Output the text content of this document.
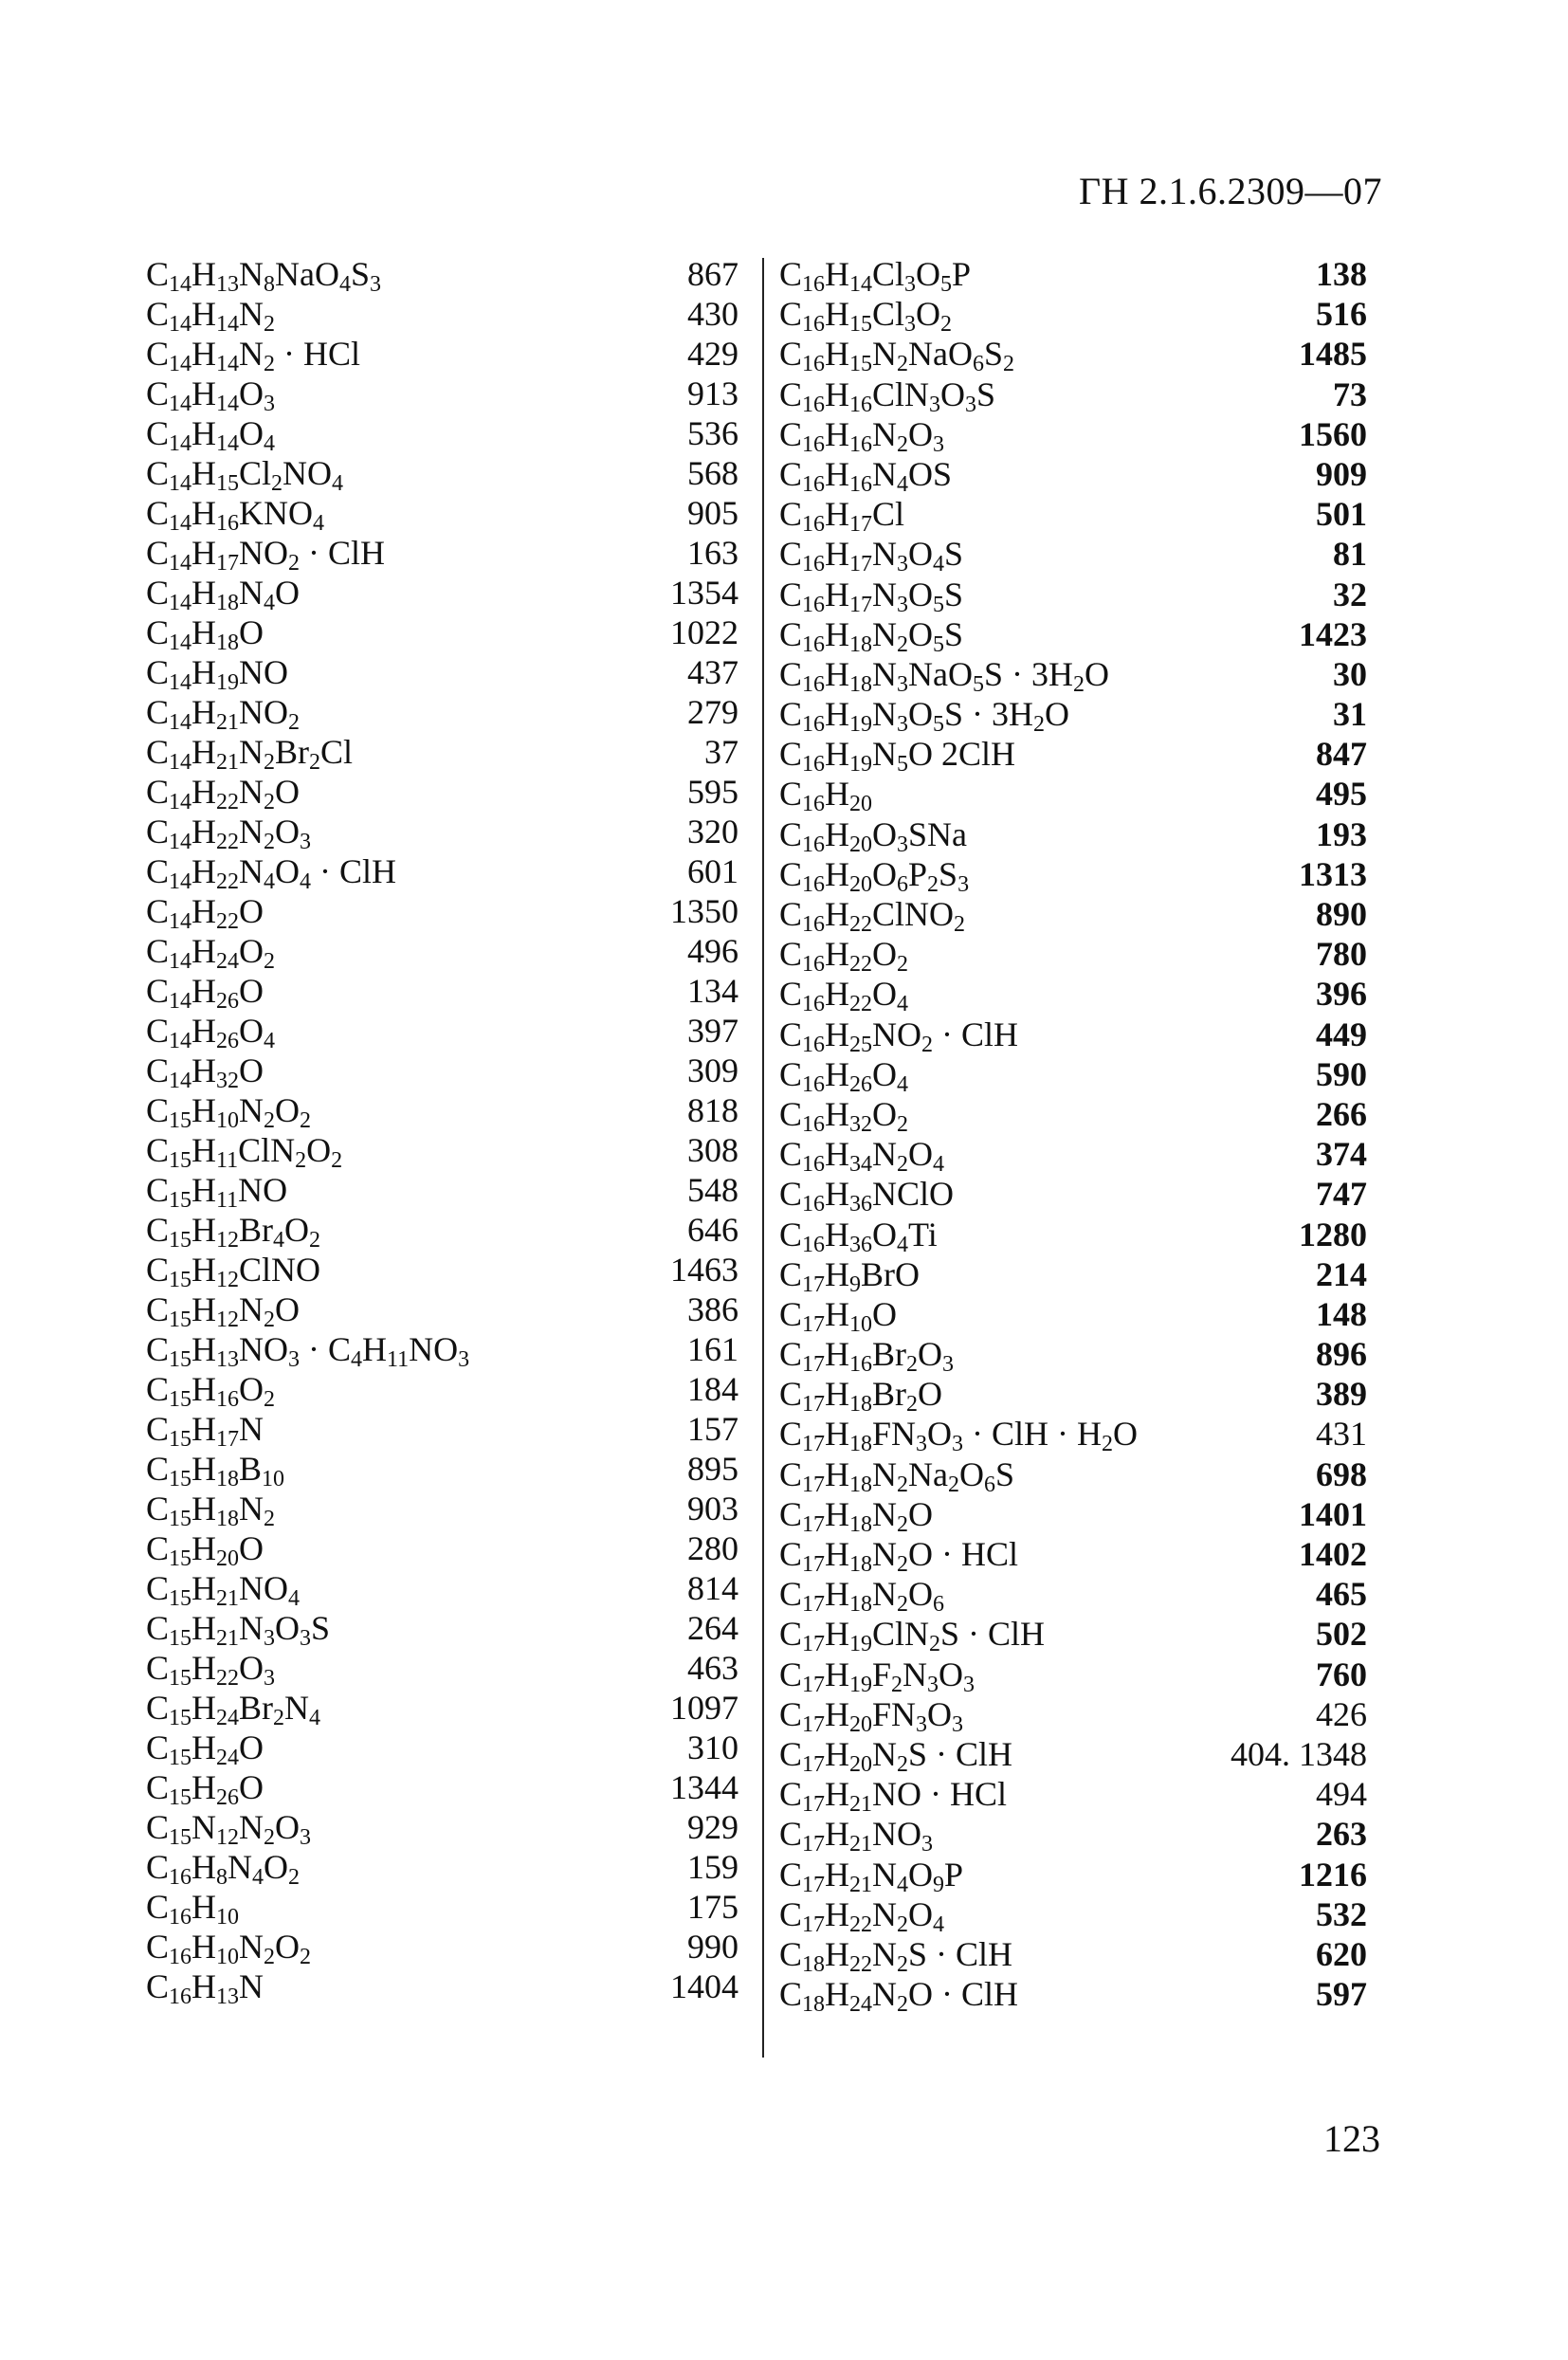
ГН 2.1.6.2309—07
$C_{14}H_{13}N_8NaO_4S_3$	867
$C_{14}H_{14}N_2$	430
$C_{14}H_{14}N_2$ · HCl	429
$C_{14}H_{14}O_3$	913
$C_{14}H_{14}O_4$	536
$C_{14}H_{15}Cl_2NO_4$	568
$C_{14}H_{16}KNO_4$	905
$C_{14}H_{17}NO_2$ · ClH	163
$C_{14}H_{18}N_4O$	1354
$C_{14}H_{18}O$	1022
$C_{14}H_{19}NO$	437
$C_{14}H_{21}NO_2$	279
$C_{14}H_{21}N_2Br_2Cl$	37
$C_{14}H_{22}N_2O$	595
$C_{14}H_{22}N_2O_3$	320
$C_{14}H_{22}N_4O_4$ · ClH	601
$C_{14}H_{22}O$	1350
$C_{14}H_{24}O_2$	496
$C_{14}H_{26}O$	134
$C_{14}H_{26}O_4$	397
$C_{14}H_{32}O$	309
$C_{15}H_{10}N_2O_2$	818
$C_{15}H_{11}ClN_2O_2$	308
$C_{15}H_{11}NO$	548
$C_{15}H_{12}Br_4O_2$	646
$C_{15}H_{12}ClNO$	1463
$C_{15}H_{12}N_2O$	386
$C_{15}H_{13}NO_3 \cdot C_4H_{11}NO_3$	161
$C_{15}H_{16}O_2$	184
$C_{15}H_{17}N$	157
$C_{15}H_{18}B_{10}$	895
$C_{15}H_{18}N_2$	903
$C_{15}H_{20}O$	280
$C_{15}H_{21}NO_4$	814
$C_{15}H_{21}N_3O_3S$	264
$C_{15}H_{22}O_3$	463
$C_{15}H_{24}Br_2N_4$	1097
$C_{15}H_{24}O$	310
$C_{15}H_{26}O$	1344
$C_{15}N_{12}N_2O_3$	929
$C_{16}H_8N_4O_2$	159
$C_{16}H_{10}$	175
$C_{16}H_{10}N_2O_2$	990
$C_{16}H_{13}N$	1404
$C_{16}H_{14}Cl_3O_5P$	138
$C_{16}H_{15}Cl_3O_2$	516
$C_{16}H_{15}N_2NaO_6S_2$	1485
$C_{16}H_{16}ClN_3O_3S$	73
$C_{16}H_{16}N_2O_3$	1560
$C_{16}H_{16}N_4OS$	909
$C_{16}H_{17}Cl$	501
$C_{16}H_{17}N_3O_4S$	81
$C_{16}H_{17}N_3O_5S$	32
$C_{16}H_{18}N_2O_5S$	1423
$C_{16}H_{18}N_3NaO_5S \cdot 3H_2O$	30
$C_{16}H_{19}N_3O_5S \cdot 3H_2O$	31
$C_{16}H_{19}N_5O$ 2ClH	847
$C_{16}H_{20}$	495
$C_{16}H_{20}O_3SNa$	193
$C_{16}H_{20}O_6P_2S_3$	1313
$C_{16}H_{22}ClNO_2$	890
$C_{16}H_{22}O_2$	780
$C_{16}H_{22}O_4$	396
$C_{16}H_{25}NO_2$ · ClH	449
$C_{16}H_{26}O_4$	590
$C_{16}H_{32}O_2$	266
$C_{16}H_{34}N_2O_4$	374
$C_{16}H_{36}NClO$	747
$C_{16}H_{36}O_4Ti$	1280
$C_{17}H_9BrO$	214
$C_{17}H_{10}O$	148
$C_{17}H_{16}Br_2O_3$	896
$C_{17}H_{18}Br_2O$	389
$C_{17}H_{18}FN_3O_3$ · ClH · $H_2O$	431
$C_{17}H_{18}N_2Na_2O_6S$	698
$C_{17}H_{18}N_2O$	1401
$C_{17}H_{18}N_2O$ · HCl	1402
$C_{17}H_{18}N_2O_6$	465
$C_{17}H_{19}ClN_2S$ · ClH	502
$C_{17}H_{19}F_2N_3O_3$	760
$C_{17}H_{20}FN_3O_3$	426
$C_{17}H_{20}N_2S$ · ClH	404. 1348
$C_{17}H_{21}NO$ · HCl	494
$C_{17}H_{21}NO_3$	263
$C_{17}H_{21}N_4O_9P$	1216
$C_{17}H_{22}N_2O_4$	532
$C_{18}H_{22}N_2S$ · ClH	620
$C_{18}H_{24}N_2O$ · ClH	597
123
